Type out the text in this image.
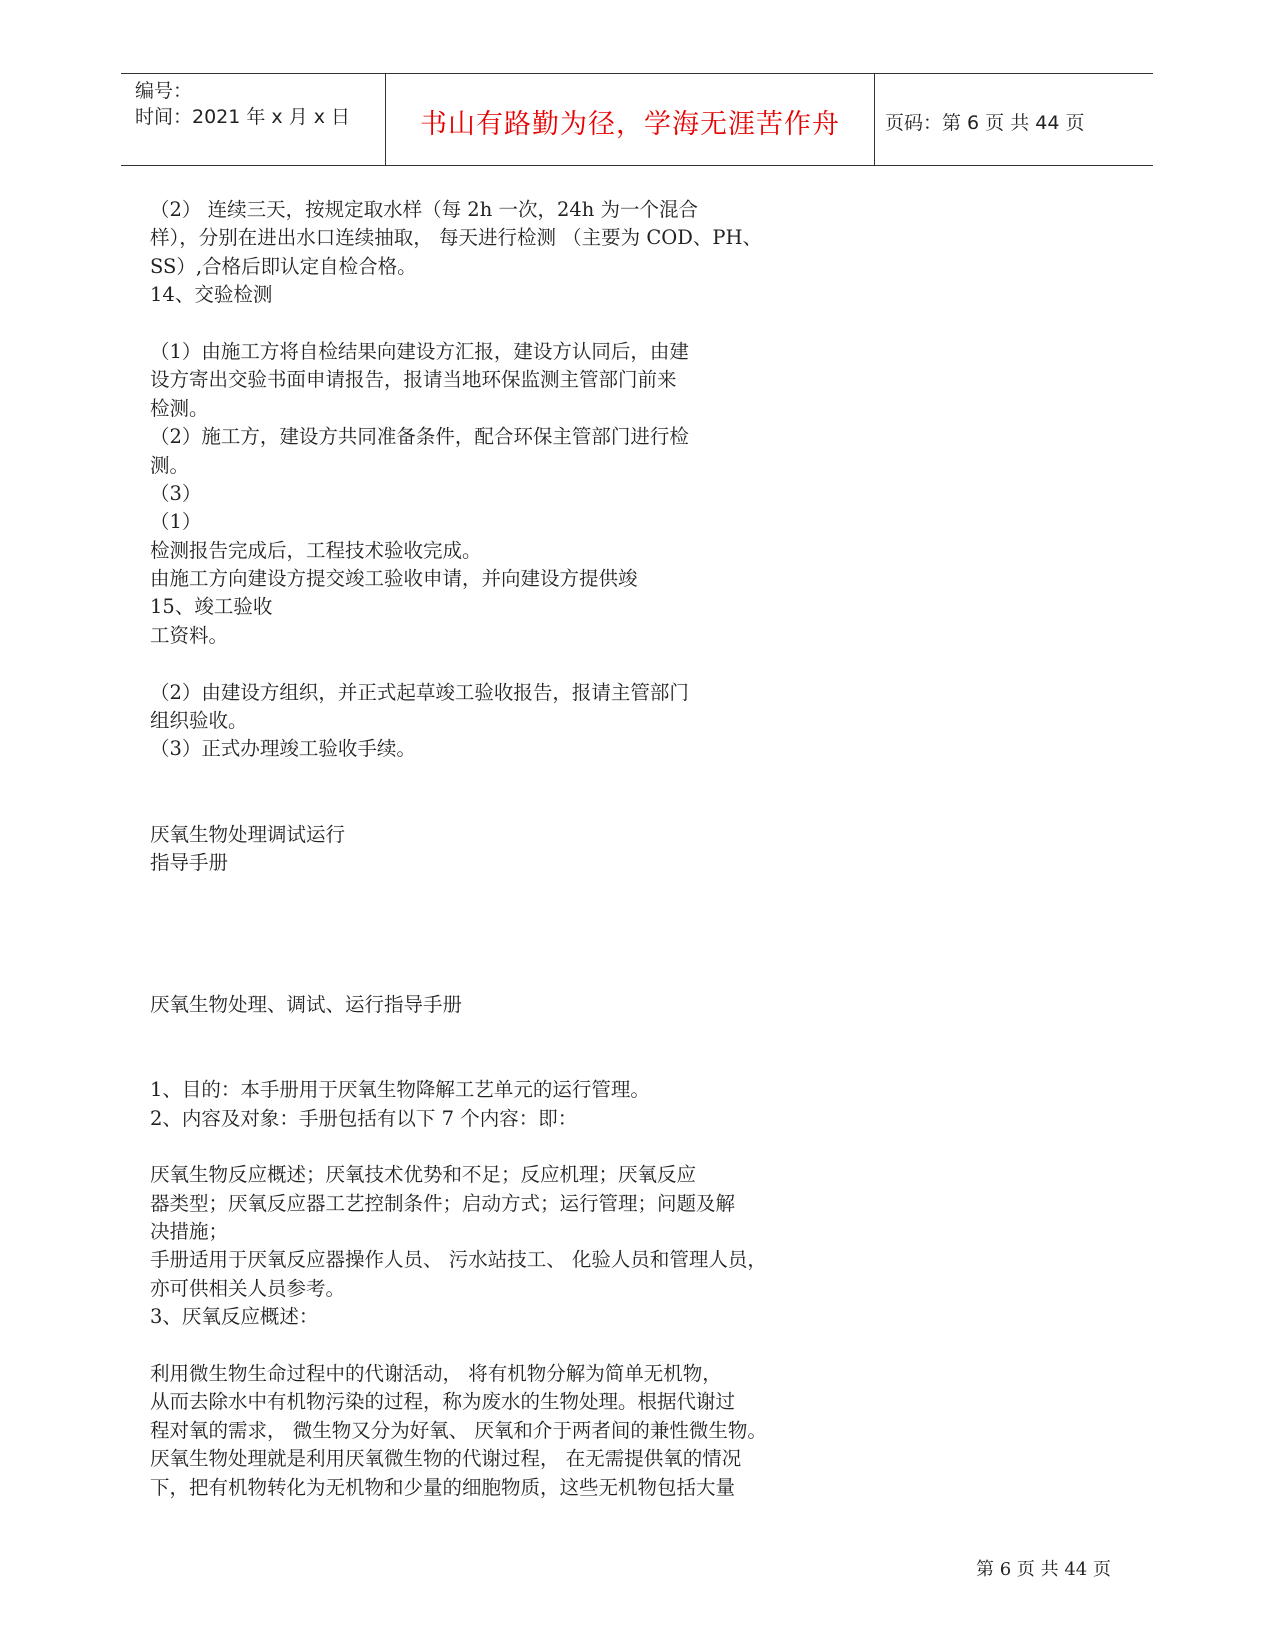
编号：
时间：2021 年 x 月 x 日	书山有路勤为径，学海无涯苦作舟	页码：第 6 页 共 44 页
（2） 连续三天，按规定取水样（每 2h 一次，24h 为一个混合
样），分别在进出水口连续抽取， 每天进行检测 （主要为 COD、PH、
SS）,合格后即认定自检合格。
14、交验检测
（1）由施工方将自检结果向建设方汇报，建设方认同后，由建
设方寄出交验书面申请报告，报请当地环保监测主管部门前来
检测。
（2）施工方，建设方共同准备条件，配合环保主管部门进行检
测。
（3）
（1）
检测报告完成后，工程技术验收完成。
由施工方向建设方提交竣工验收申请，并向建设方提供竣
15、竣工验收
工资料。
（2）由建设方组织，并正式起草竣工验收报告，报请主管部门
组织验收。
（3）正式办理竣工验收手续。
厌氧生物处理调试运行
指导手册
厌氧生物处理、调试、运行指导手册
1、目的：本手册用于厌氧生物降解工艺单元的运行管理。
2、内容及对象：手册包括有以下 7 个内容：即：
厌氧生物反应概述；厌氧技术优势和不足；反应机理；厌氧反应
器类型；厌氧反应器工艺控制条件；启动方式；运行管理；问题及解
决措施；
手册适用于厌氧反应器操作人员、 污水站技工、 化验人员和管理人员，
亦可供相关人员参考。
3、厌氧反应概述：
利用微生物生命过程中的代谢活动， 将有机物分解为简单无机物，
从而去除水中有机物污染的过程，称为废水的生物处理。根据代谢过
程对氧的需求， 微生物又分为好氧、 厌氧和介于两者间的兼性微生物。
厌氧生物处理就是利用厌氧微生物的代谢过程， 在无需提供氧的情况
下，把有机物转化为无机物和少量的细胞物质，这些无机物包括大量
第 6 页 共 44 页
